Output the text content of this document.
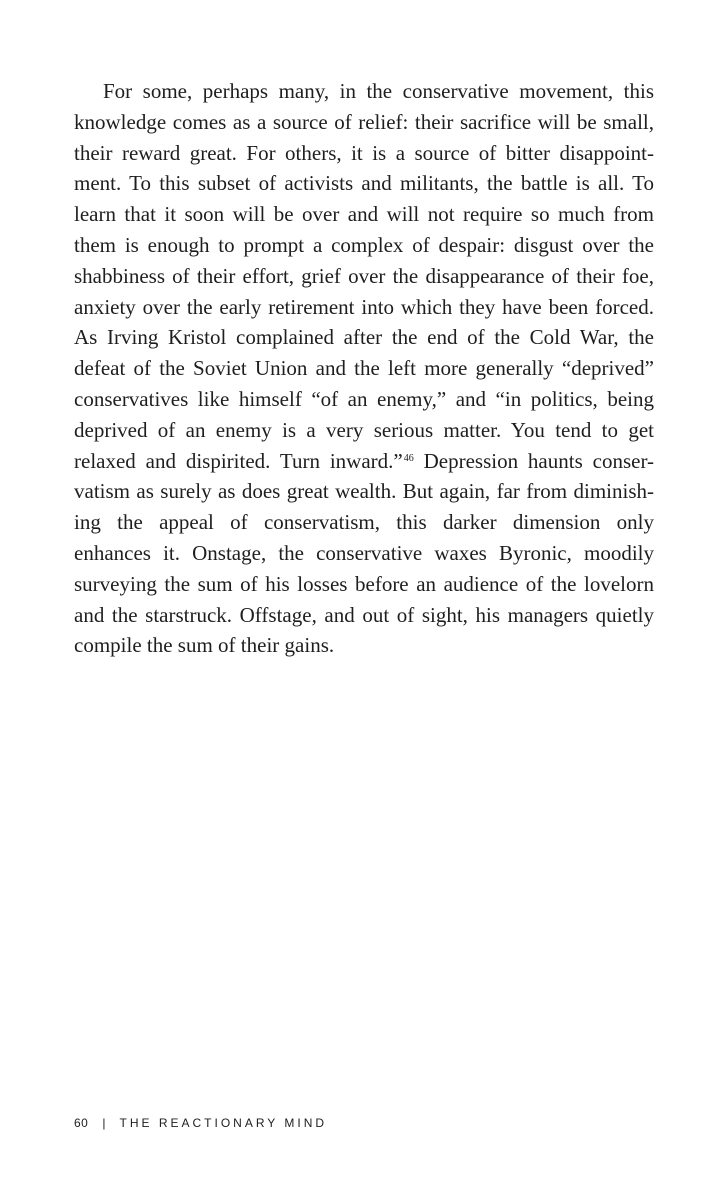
For some, perhaps many, in the conservative movement, this
knowledge comes as a source of relief: their sacrifice will be small,
their reward great. For others, it is a source of bitter disappoint-
ment. To this subset of activists and militants, the battle is all. To
learn that it soon will be over and will not require so much from
them is enough to prompt a complex of despair: disgust over the
shabbiness of their effort, grief over the disappearance of their foe,
anxiety over the early retirement into which they have been forced.
As Irving Kristol complained after the end of the Cold War, the
defeat of the Soviet Union and the left more generally “deprived”
conservatives like himself “of an enemy,” and “in politics, being
deprived of an enemy is a very serious matter. You tend to get
relaxed and dispirited. Turn inward.”$^{46}$ Depression haunts conser-
vatism as surely as does great wealth. But again, far from diminish-
ing the appeal of conservatism, this darker dimension only
enhances it. Onstage, the conservative waxes Byronic, moodily
surveying the sum of his losses before an audience of the lovelorn
and the starstruck. Offstage, and out of sight, his managers quietly
compile the sum of their gains.
60 | THE REACTIONARY MIND
